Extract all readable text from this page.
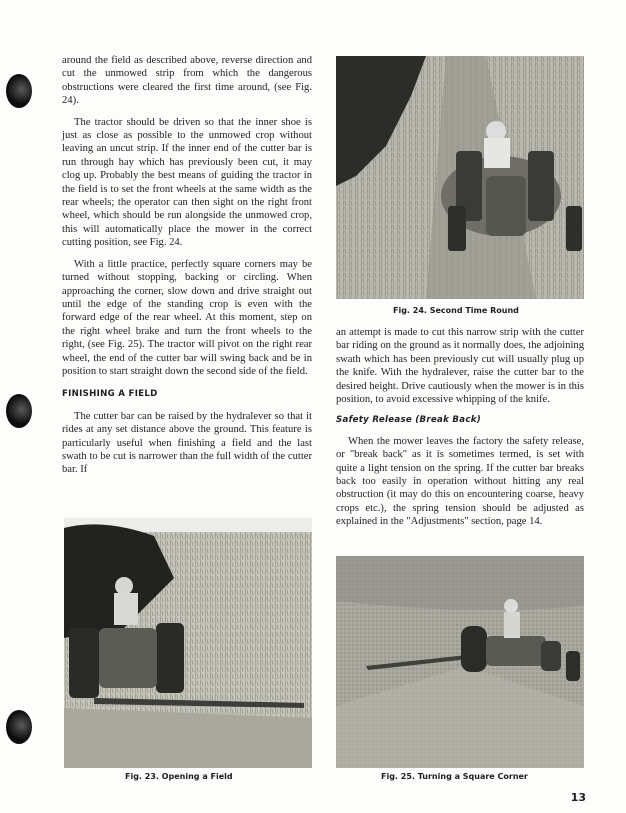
around the field as described above, reverse direction and cut the unmowed strip from which the dangerous obstructions were cleared the first time around, (see Fig. 24).

The tractor should be driven so that the inner shoe is just as close as possible to the unmowed crop without leaving an uncut strip. If the inner end of the cutter bar is run through hay which has previously been cut, it may clog up. Probably the best means of guiding the tractor in the field is to set the front wheels at the same width as the rear wheels; the operator can then sight on the right front wheel, which should be run alongside the unmowed crop, this will automatically place the mower in the correct cutting position, see Fig. 24.

With a little practice, perfectly square corners may be turned without stopping, backing or circling. When approaching the corner, slow down and drive straight out until the edge of the standing crop is even with the forward edge of the rear wheel. At this moment, step on the right wheel brake and turn the front wheels to the right, (see Fig. 25). The tractor will pivot on the right rear wheel, the end of the cutter bar will swing back and be in position to start straight down the second side of the field.

FINISHING A FIELD

The cutter bar can be raised by the hydralever so that it rides at any set distance above the ground. This feature is particularly useful when finishing a field and the last swath to be cut is narrower than the full width of the cutter bar. If

Fig. 24. Second Time Round

an attempt is made to cut this narrow strip with the cutter bar riding on the ground as it normally does, the adjoining swath which has been previously cut will usually plug up the knife. With the hydralever, raise the cutter bar to the desired height. Drive cautiously when the mower is in this position, to avoid excessive whipping of the knife.

Safety Release (Break Back)

When the mower leaves the factory the safety release, or "break back" as it is sometimes termed, is set with quite a light tension on the spring. If the cutter bar breaks back too easily in operation without hitting any real obstruction (it may do this on encountering coarse, heavy crops etc.), the spring tension should be adjusted as explained in the "Adjustments" section, page 14.

Fig. 23. Opening a Field	Fig. 25. Turning a Square Corner
13
